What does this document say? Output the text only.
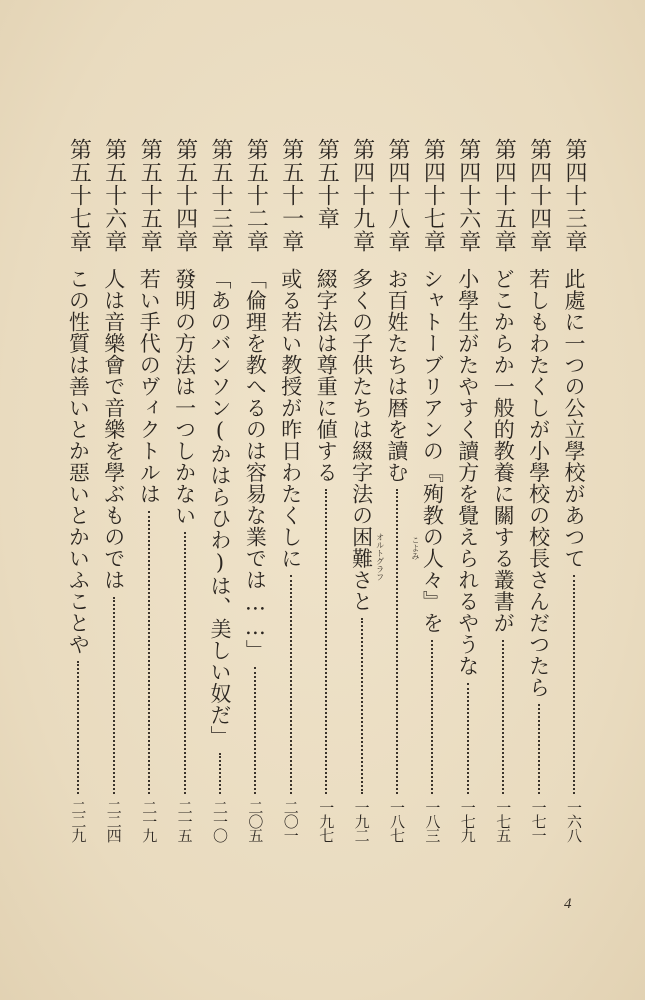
第四十三章
此處に一つの公立學校があつて
一六八
第四十四章
若しもわたくしが小學校の校長さんだつたら
一七一
第四十五章
どこからか一般的教養に關する叢書が
一七五
第四十六章
小學生がたやすく讀方を覺えられるやうな
一七九
第四十七章
シャトーブリアンの『殉教の人々』を
一八三
第四十八章
お百姓たちは暦を讀む
一八七
こよみ
第四十九章
多くの子供たちは綴字法の困難さと
一九二
オルトグラフ
第五十章
綴字法は尊重に値する
一九七
第五十一章
或る若い教授が昨日わたくしに
二〇一
第五十二章
「倫理を教へるのは容易な業では……」
二〇五
第五十三章
「あのバンソン(かはらひわ)は、美しい奴だ」
二一〇
第五十四章
發明の方法は一つしかない
二一五
第五十五章
若い手代のヴィクトルは
二一九
第五十六章
人は音樂會で音樂を學ぶものでは
二二四
第五十七章
この性質は善いとか惡いとかいふことや
二二九
4
